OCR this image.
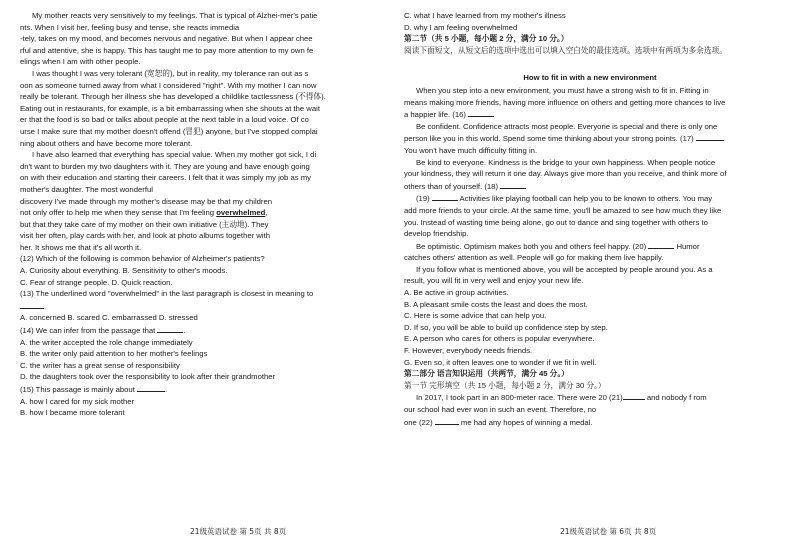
My mother reacts very sensitively to my feelings. That is typical of Alzhei-mer's patie

nts. When I visit her, feeling busy and tense, she reacts immedia

-tely, takes on my mood, and becomes nervous and negative. But when I appear chee

rful and attentive, she is happy. This has taught me to pay more attention to my own fe

elings when I am with other people.

I was thought I was very tolerant (宽恕的), but in reality, my tolerance ran out as s

oon as someone turned away from what I considered "right". With my mother I can now

really be tolerant. Through her illness she has developed a childlike tactlessness (不得体).

Eating out in restaurants, for example, is a bit embarrassing when she shouts at the wait

er that the food is so bad or talks about people at the next table in a loud voice. Of co

urse I make sure that my mother doesn't offend (冒犯) anyone, but I've stopped complai

ning about others and have become more tolerant.

I have also learned that everything has special value. When my mother got sick, I di

dn't want to burden my two daughters with it. They are young and have enough going

on with their education and starting their careers. I felt that it was simply my job as my

mother's daughter. The most wonderful

discovery I've made through my mother's disease may be that my children

not only offer to help me when they sense that I'm feeling overwhelmed,

but that they take care of my mother on their own initiative (主动地). They

visit her often, play cards with her, and look at photo albums together with

her. It shows me that it's all worth it.

(12) Which of the following is common behavior of Alzheimer's patients?

A. Curiosity about everything. B. Sensitivity to other's moods.

C. Fear of strange people. D. Quick reaction.

(13) The underlined word "overwhelmed" in the last paragraph is closest in meaning to

.

A. concerned B. scared C. embarrassed D. stressed

(14) We can infer from the passage that	.

A. the writer accepted the role change immediately

B. the writer only paid attention to her mother's feelings

C. the writer has a great sense of responsibility

D. the daughters took over the responsibility to look after their grandmother

(15) This passage is mainly about	.

A. how I cared for my sick mother

B. how I became more tolerant

C. what I have learned from my mother's illness

D. why I am feeling overwhelmed

第二节（共 5 小题，每小题 2 分，满分 10 分。）

阅读下面短文，从短文后的选项中选出可以填入空白处的最佳选项。选项中有两项为多余选项。

How to fit in with a new environment

When you step into a new environment, you must have a strong wish to fit in. Fitting in

means making more friends, having more influence on others and getting more chances to live

a happier life. (16)

Be confident. Confidence attracts most people. Everyone is special and there is only one

person like you in this world. Spend some time thinking about your strong points. (17)

You won't have much difficulty fitting in.

Be kind to everyone. Kindness is the bridge to your own happiness. When people notice

your kindness, they will return it one day. Always give more than you receive, and think more of

others than of yourself. (18)

(19)	Activities like playing football can help you to be known to others. You may

add more friends to your circle. At the same time, you'll be amazed to see how much they like

you. Instead of wasting time being alone, go out to dance and sing together with others to

develop friendship.

Be optimistic. Optimism makes both you and others feel happy. (20)	Humor

catches others' attention as well. People will go for making them live happily.

If you follow what is mentioned above, you will be accepted by people around you. As a

result, you will fit in very well and enjoy your new life.

A. Be active in group activities.

B. A pleasant smile costs the least and does the most.

C. Here is some advice that can help you.

D. If so, you will be able to build up confidence step by step.

E. A person who cares for others is popular everywhere.

F. However, everybody needs friends.

G. Even so, it often leaves one to wonder if we fit in well.

第二部分 语言知识运用（共两节，满分 45 分。）

第一节 完形填空（共 15 小题，每小题 2 分，满分 30 分。）

In 2017, I took part in an 800-meter race. There were 20 (21)	and nobody f rom

our school had ever won in such an event. Therefore, no

one (22)	me had any hopes of winning a medal.

21级英语试卷 第 5页 共 8页	21级英语试卷 第 6页 共 8页
